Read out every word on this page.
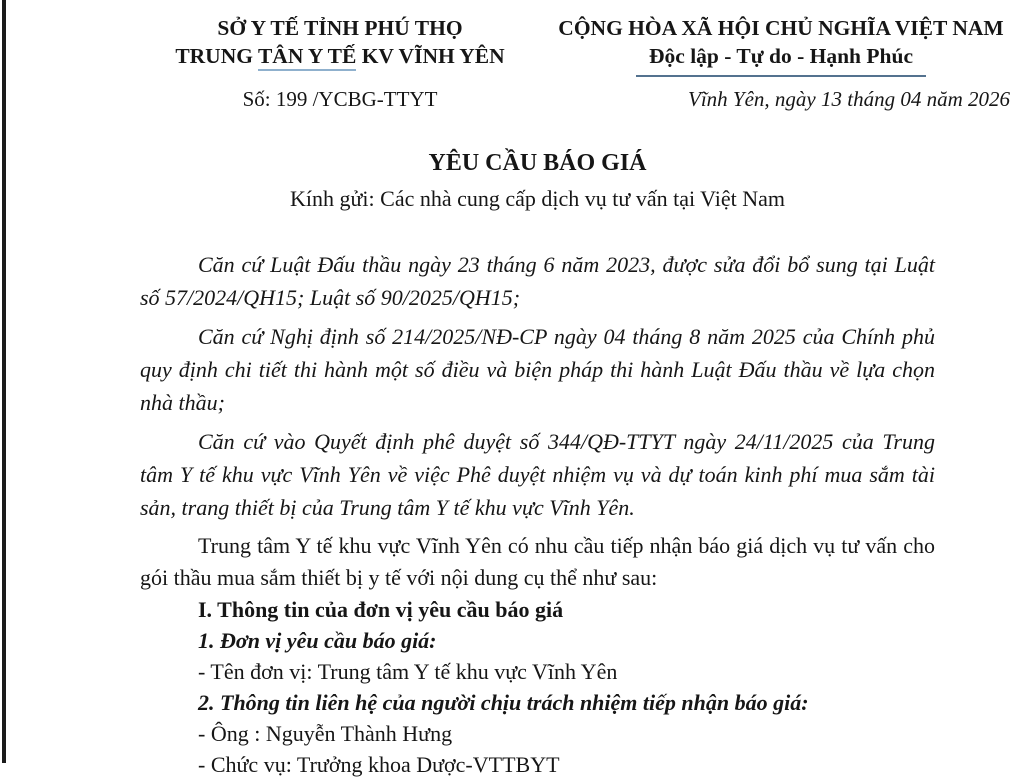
SỞ Y TẾ TỈNH PHÚ THỌ
TRUNG TÂN Y TẾ KV VĨNH YÊN
Số: 199 /YCBG-TTYT
CỘNG HÒA XÃ HỘI CHỦ NGHĨA VIỆT NAM
Độc lập - Tự do - Hạnh Phúc
Vĩnh Yên, ngày 13 tháng 04 năm 2026
YÊU CẦU BÁO GIÁ
Kính gửi: Các nhà cung cấp dịch vụ tư vấn tại Việt Nam

Căn cứ Luật Đấu thầu ngày 23 tháng 6 năm 2023, được sửa đổi bổ sung tại Luật số 57/2024/QH15; Luật số 90/2025/QH15;

Căn cứ Nghị định số 214/2025/NĐ-CP ngày 04 tháng 8 năm 2025 của Chính phủ quy định chi tiết thi hành một số điều và biện pháp thi hành Luật Đấu thầu về lựa chọn nhà thầu;

Căn cứ vào Quyết định phê duyệt số 344/QĐ-TTYT ngày 24/11/2025 của Trung tâm Y tế khu vực Vĩnh Yên về việc Phê duyệt nhiệm vụ và dự toán kinh phí mua sắm tài sản, trang thiết bị của Trung tâm Y tế khu vực Vĩnh Yên.

Trung tâm Y tế khu vực Vĩnh Yên có nhu cầu tiếp nhận báo giá dịch vụ tư vấn cho gói thầu mua sắm thiết bị y tế với nội dung cụ thể như sau:

I. Thông tin của đơn vị yêu cầu báo giá
1. Đơn vị yêu cầu báo giá:
- Tên đơn vị: Trung tâm Y tế khu vực Vĩnh Yên
2. Thông tin liên hệ của người chịu trách nhiệm tiếp nhận báo giá:
- Ông : Nguyễn Thành Hưng
- Chức vụ: Trưởng khoa Dược-VTTBYT
